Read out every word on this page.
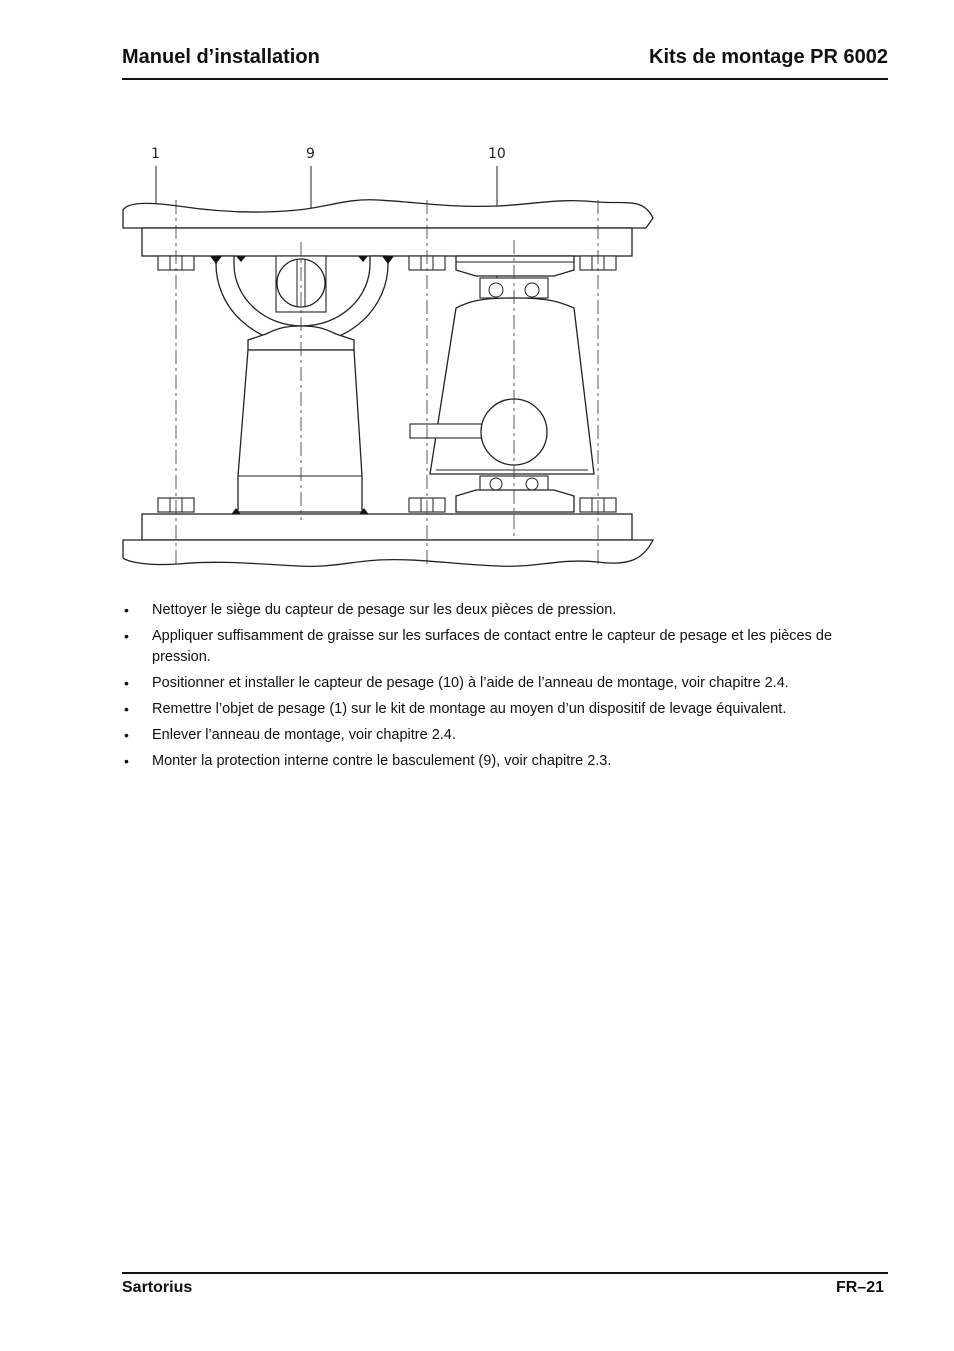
Manuel d’installation	Kits de montage PR 6002
1	9	10
• Nettoyer le siège du capteur de pesage sur les deux pièces de pression.
• Appliquer suffisamment de graisse sur les surfaces de contact entre le capteur de pesage et les pièces de pression.
• Positionner et installer le capteur de pesage (10) à l’aide de l’anneau de montage, voir chapitre 2.4.
• Remettre l’objet de pesage (1) sur le kit de montage au moyen d’un dispositif de levage équivalent.
• Enlever l’anneau de montage, voir chapitre 2.4.
• Monter la protection interne contre le basculement (9), voir chapitre 2.3.
Sartorius	FR–21
